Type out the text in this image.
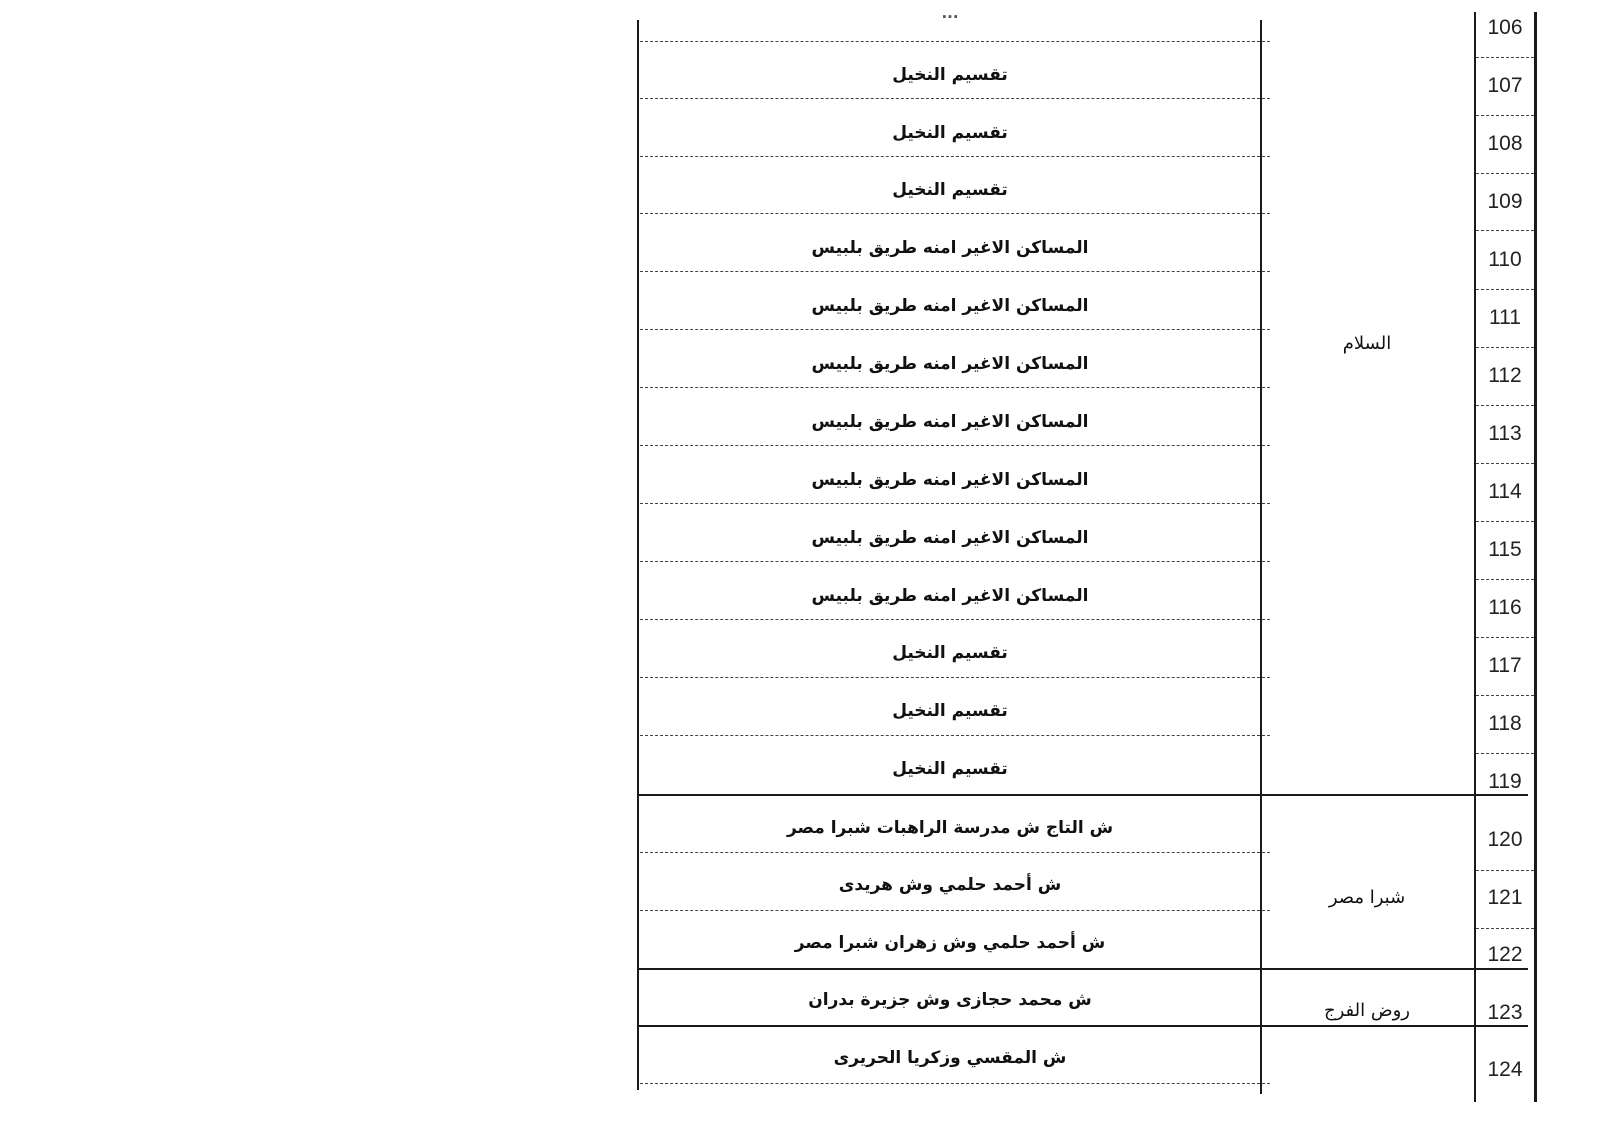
...
تقسيم النخيل
تقسيم النخيل
تقسيم النخيل
المساكن الاغير امنه طريق بلبيس
المساكن الاغير امنه طريق بلبيس
المساكن الاغير امنه طريق بلبيس
المساكن الاغير امنه طريق بلبيس
المساكن الاغير امنه طريق بلبيس
المساكن الاغير امنه طريق بلبيس
المساكن الاغير امنه طريق بلبيس
تقسيم النخيل
تقسيم النخيل
تقسيم النخيل
ش التاج ش مدرسة الراهبات شبرا مصر
ش أحمد حلمي وش هريدى
ش أحمد حلمي وش زهران شبرا مصر
ش محمد حجازى وش جزيرة بدران
ش المقسي وزكريا الحريرى
السلام
شبرا مصر
روض الفرج
106
107
108
109
110
111
112
113
114
115
116
117
118
119
120
121
122
123
124
